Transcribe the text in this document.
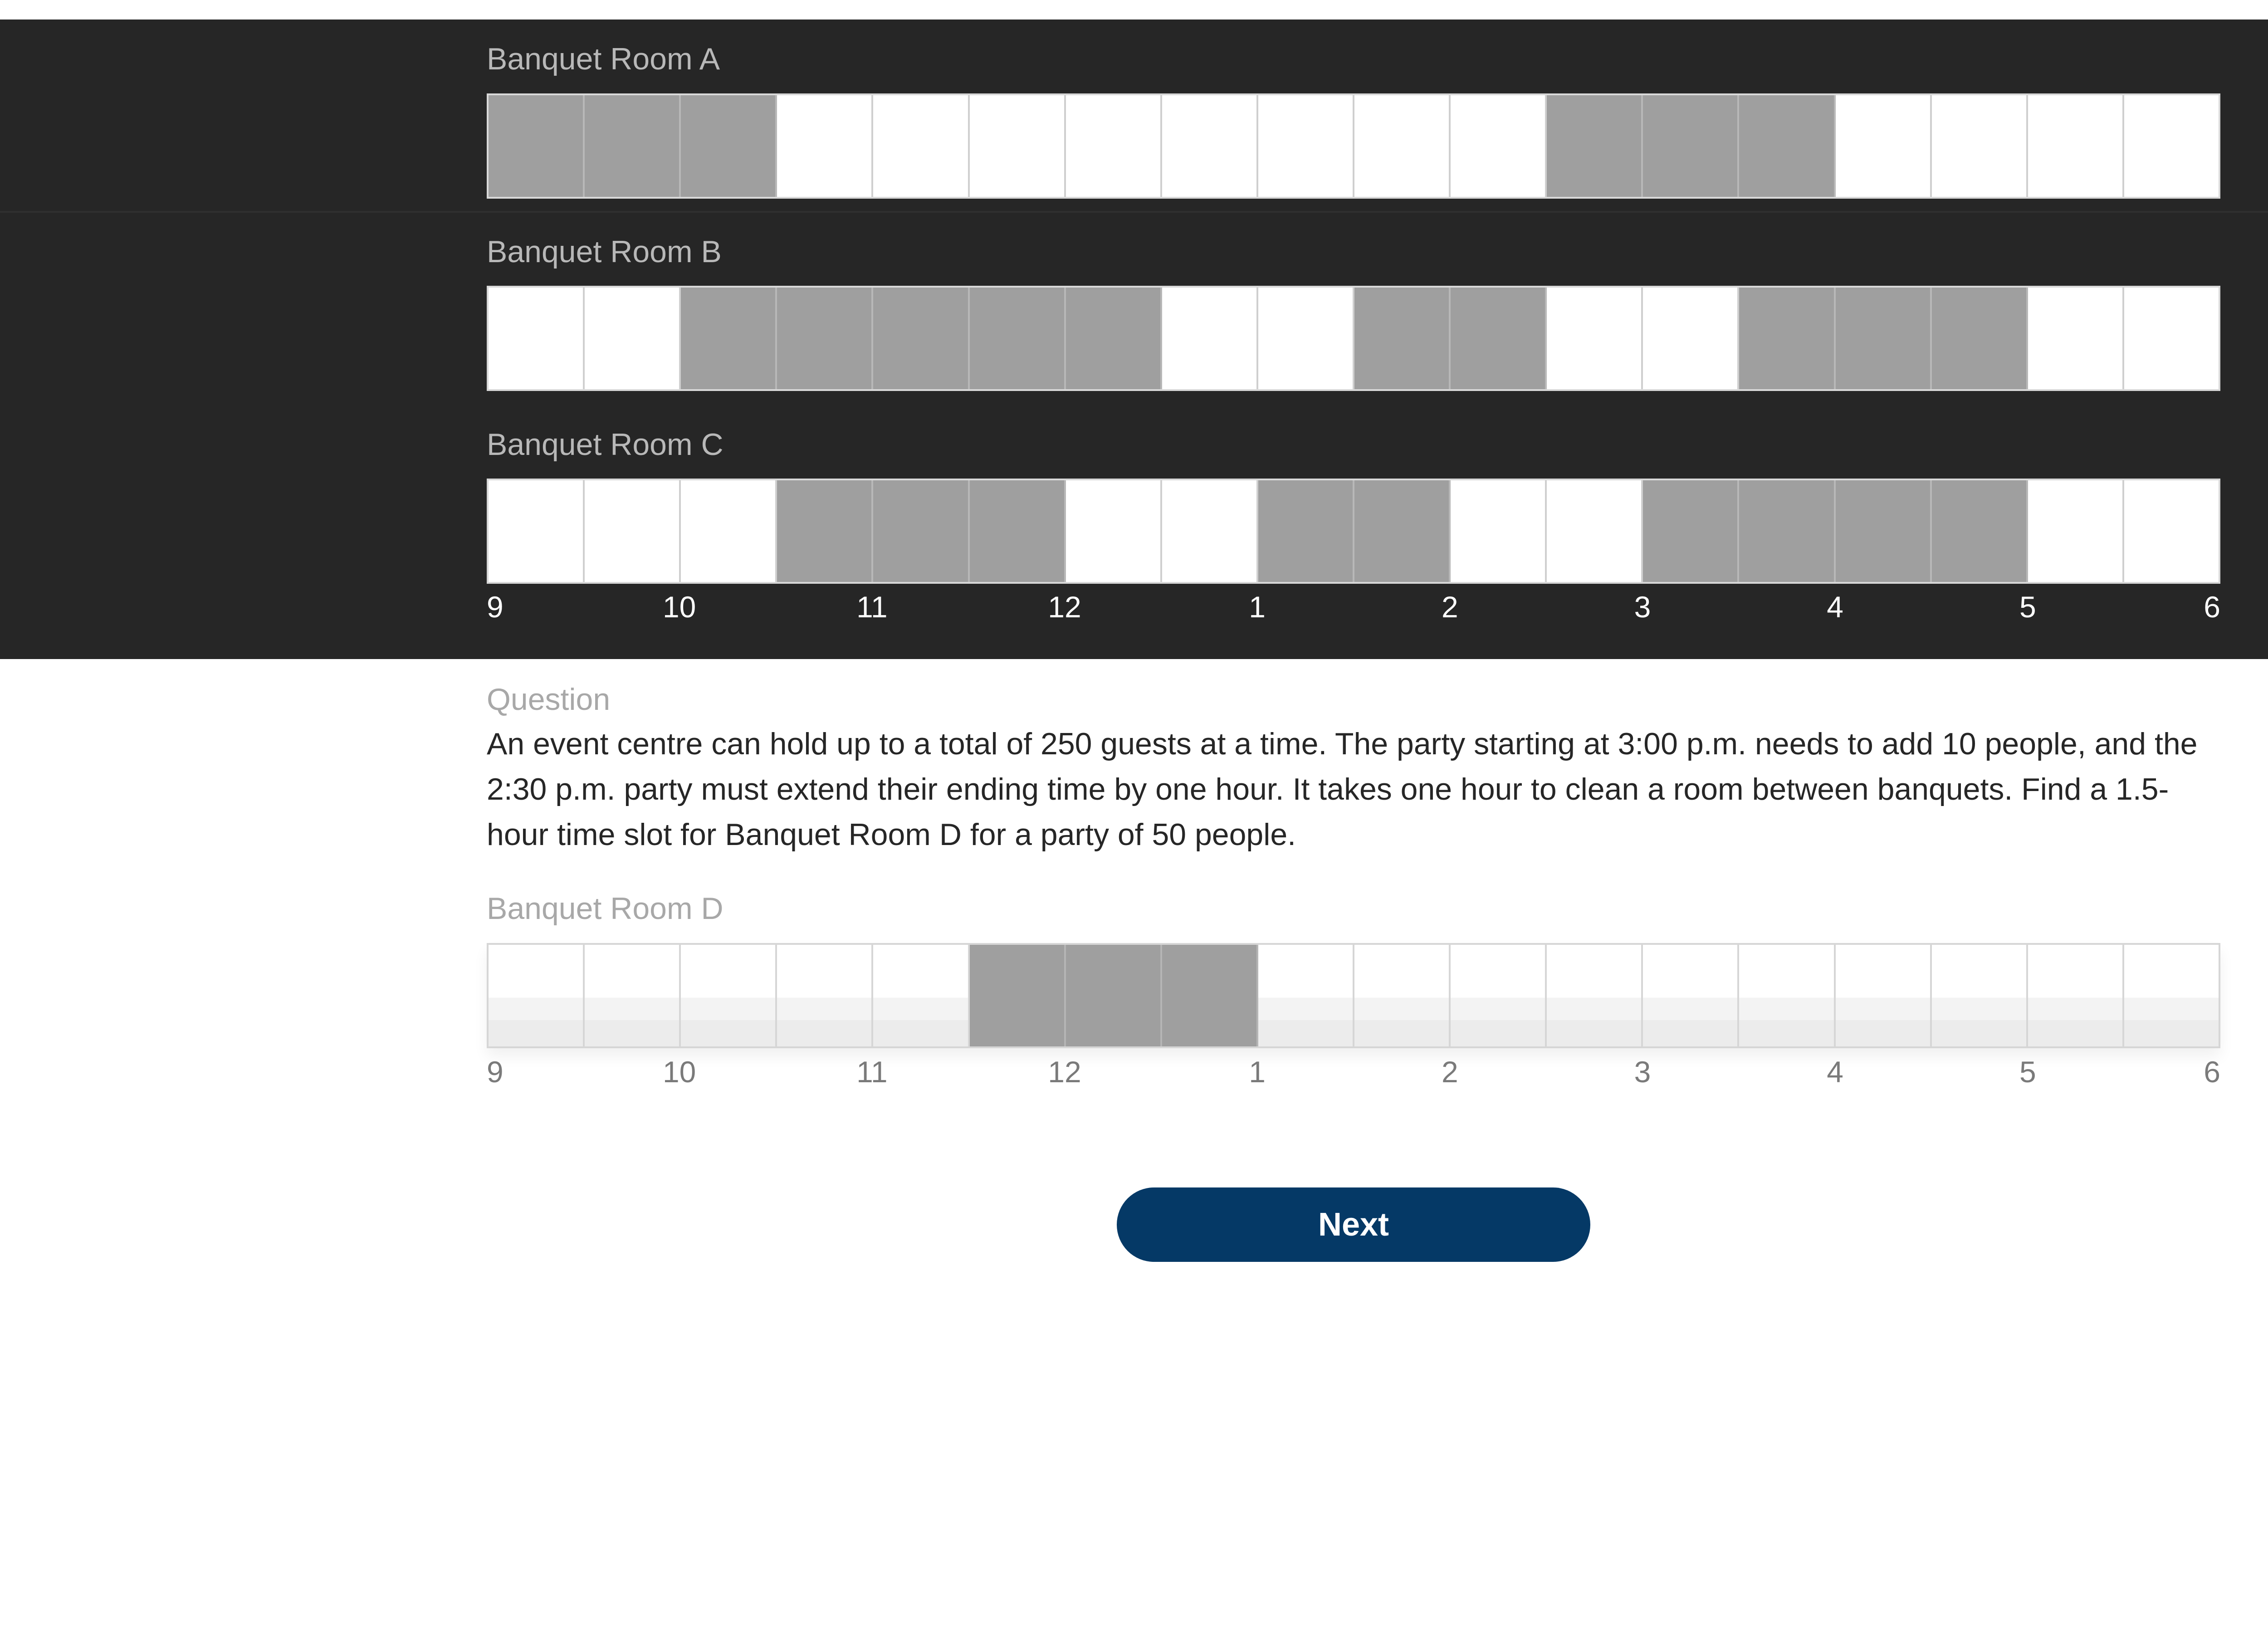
Banquet Room A
Banquet Room B
Banquet Room C
9	10	11	12	1	2	3	4	5	6
Question
An event centre can hold up to a total of 250 guests at a time. The party starting at 3:00 p.m. needs to add 10 people, and the 2:30 p.m. party must extend their ending time by one hour. It takes one hour to clean a room between banquets. Find a 1.5-hour time slot for Banquet Room D for a party of 50 people.
Banquet Room D
9	10	11	12	1	2	3	4	5	6
Next
